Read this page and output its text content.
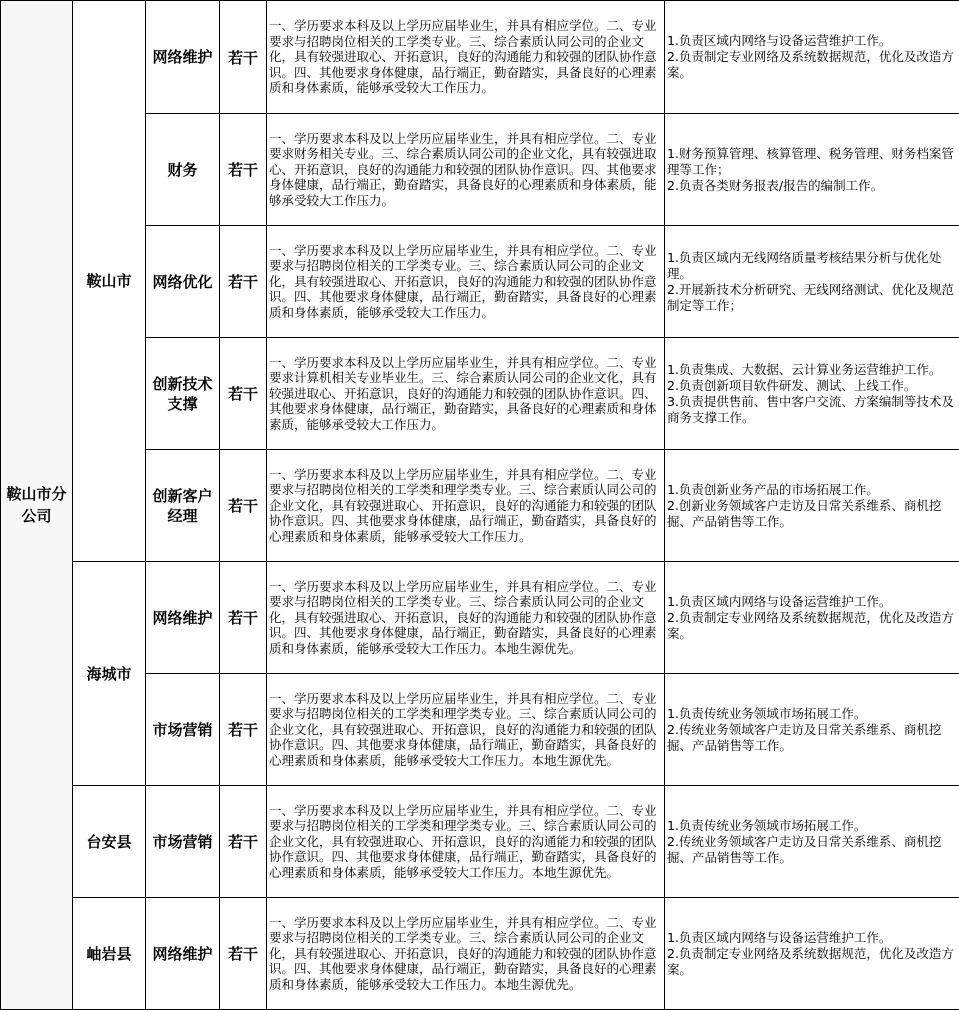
鞍山市分公司	鞍山市	网络维护	若干	一、学历要求本科及以上学历应届毕业生，并具有相应学位。二、专业要求与招聘岗位相关的工学类专业。三、综合素质认同公司的企业文化，具有较强进取心、开拓意识，良好的沟通能力和较强的团队协作意识。四、其他要求身体健康，品行端正，勤奋踏实，具备良好的心理素质和身体素质，能够承受较大工作压力。	1.负责区域内网络与设备运营维护工作。
2.负责制定专业网络及系统数据规范，优化及改造方案。

		财务	若干	一、学历要求本科及以上学历应届毕业生，并具有相应学位。二、专业要求财务相关专业。三、综合素质认同公司的企业文化，具有较强进取心、开拓意识，良好的沟通能力和较强的团队协作意识。四、其他要求身体健康，品行端正，勤奋踏实，具备良好的心理素质和身体素质，能够承受较大工作压力。	1.财务预算管理、核算管理、税务管理、财务档案管理等工作；
2.负责各类财务报表/报告的编制工作。

		网络优化	若干	一、学历要求本科及以上学历应届毕业生，并具有相应学位。二、专业要求与招聘岗位相关的工学类专业。三、综合素质认同公司的企业文化，具有较强进取心、开拓意识，良好的沟通能力和较强的团队协作意识。四、其他要求身体健康，品行端正，勤奋踏实，具备良好的心理素质和身体素质，能够承受较大工作压力。	1.负责区域内无线网络质量考核结果分析与优化处理。
2.开展新技术分析研究、无线网络测试、优化及规范制定等工作；

		创新技术支撑	若干	一、学历要求本科及以上学历应届毕业生，并具有相应学位。二、专业要求计算机相关专业毕业生。三、综合素质认同公司的企业文化，具有较强进取心、开拓意识，良好的沟通能力和较强的团队协作意识。四、其他要求身体健康，品行端正，勤奋踏实，具备良好的心理素质和身体素质，能够承受较大工作压力。	1.负责集成、大数据、云计算业务运营维护工作。
2.负责创新项目软件研发、测试、上线工作。
3.负责提供售前、售中客户交流、方案编制等技术及商务支撑工作。

		创新客户经理	若干	一、学历要求本科及以上学历应届毕业生，并具有相应学位。二、专业要求与招聘岗位相关的工学类和理学类专业。三、综合素质认同公司的企业文化，具有较强进取心、开拓意识，良好的沟通能力和较强的团队协作意识。四、其他要求身体健康，品行端正，勤奋踏实，具备良好的心理素质和身体素质，能够承受较大工作压力。	1.负责创新业务产品的市场拓展工作。
2.创新业务领域客户走访及日常关系维系、商机挖掘、产品销售等工作。

	海城市	网络维护	若干	一、学历要求本科及以上学历应届毕业生，并具有相应学位。二、专业要求与招聘岗位相关的工学类专业。三、综合素质认同公司的企业文化，具有较强进取心、开拓意识，良好的沟通能力和较强的团队协作意识。四、其他要求身体健康，品行端正，勤奋踏实，具备良好的心理素质和身体素质，能够承受较大工作压力。本地生源优先。	1.负责区域内网络与设备运营维护工作。
2.负责制定专业网络及系统数据规范，优化及改造方案。

		市场营销	若干	一、学历要求本科及以上学历应届毕业生，并具有相应学位。二、专业要求与招聘岗位相关的工学类和理学类专业。三、综合素质认同公司的企业文化，具有较强进取心、开拓意识，良好的沟通能力和较强的团队协作意识。四、其他要求身体健康，品行端正，勤奋踏实，具备良好的心理素质和身体素质，能够承受较大工作压力。本地生源优先。	1.负责传统业务领域市场拓展工作。
2.传统业务领域客户走访及日常关系维系、商机挖掘、产品销售等工作。

	台安县	市场营销	若干	一、学历要求本科及以上学历应届毕业生，并具有相应学位。二、专业要求与招聘岗位相关的工学类和理学类专业。三、综合素质认同公司的企业文化，具有较强进取心、开拓意识，良好的沟通能力和较强的团队协作意识。四、其他要求身体健康，品行端正，勤奋踏实，具备良好的心理素质和身体素质，能够承受较大工作压力。本地生源优先。	1.负责传统业务领域市场拓展工作。
2.传统业务领域客户走访及日常关系维系、商机挖掘、产品销售等工作。

	岫岩县	网络维护	若干	一、学历要求本科及以上学历应届毕业生，并具有相应学位。二、专业要求与招聘岗位相关的工学类专业。三、综合素质认同公司的企业文化，具有较强进取心、开拓意识，良好的沟通能力和较强的团队协作意识。四、其他要求身体健康，品行端正，勤奋踏实，具备良好的心理素质和身体素质，能够承受较大工作压力。本地生源优先。	1.负责区域内网络与设备运营维护工作。
2.负责制定专业网络及系统数据规范，优化及改造方案。
